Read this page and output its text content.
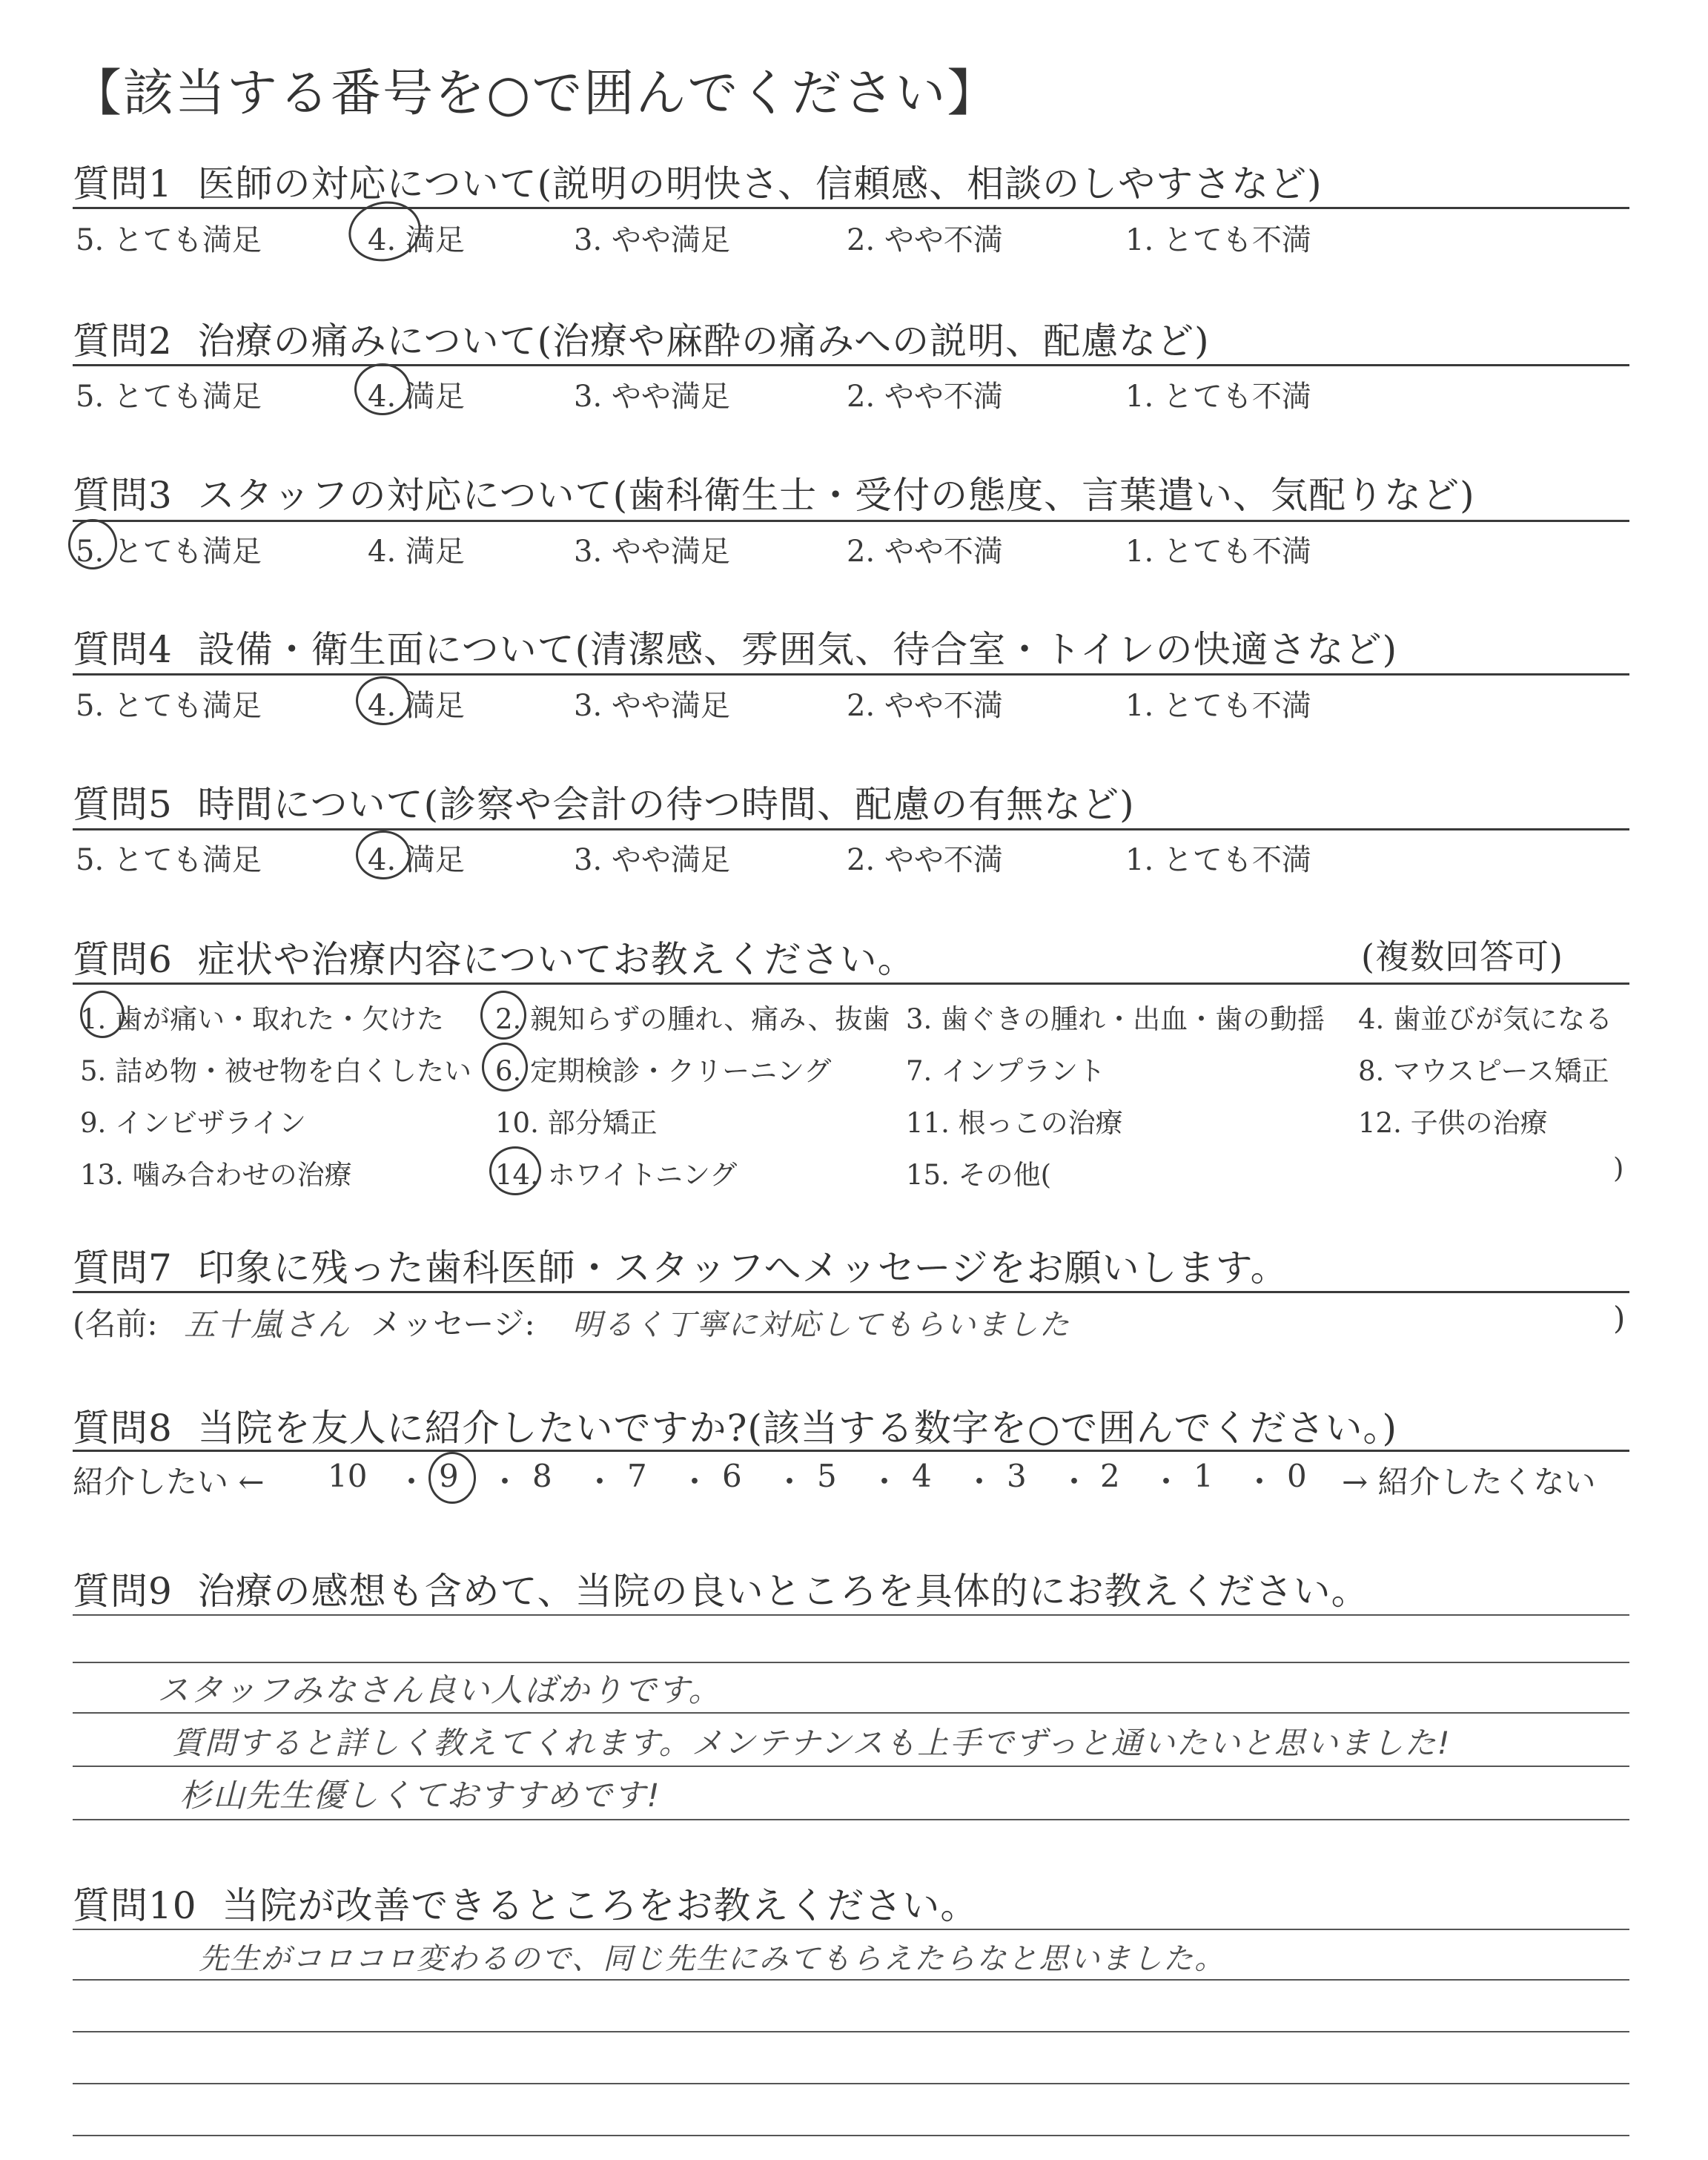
【該当する番号を○で囲んでください】
質問1 医師の対応について(説明の明快さ、信頼感、相談のしやすさなど)
5. とても満足	4. 満足	3. やや満足	2. やや不満	1. とても不満
質問2 治療の痛みについて(治療や麻酔の痛みへの説明、配慮など)
5. とても満足	4. 満足	3. やや満足	2. やや不満	1. とても不満
質問3 スタッフの対応について(歯科衛生士・受付の態度、言葉遣い、気配りなど)
5. とても満足	4. 満足	3. やや満足	2. やや不満	1. とても不満
質問4 設備・衛生面について(清潔感、雰囲気、待合室・トイレの快適さなど)
5. とても満足	4. 満足	3. やや満足	2. やや不満	1. とても不満
質問5 時間について(診察や会計の待つ時間、配慮の有無など)
5. とても満足	4. 満足	3. やや満足	2. やや不満	1. とても不満
質問6 症状や治療内容についてお教えください。	(複数回答可)
1. 歯が痛い・取れた・欠けた 2. 親知らずの腫れ、痛み、抜歯 3. 歯ぐきの腫れ・出血・歯の動揺 4. 歯並びが気になる
5. 詰め物・被せ物を白くしたい 6. 定期検診・クリーニング	7. インプラント	8. マウスピース矯正
9. インビザライン	10. 部分矯正	11. 根っこの治療	12. 子供の治療
13. 噛み合わせの治療	14. ホワイトニング	15. その他(	)
質問7 印象に残った歯科医師・スタッフへメッセージをお願いします。
(名前: 五十嵐さん メッセージ: 明るく丁寧に対応してもらいました	)
質問8 当院を友人に紹介したいですか?(該当する数字を○で囲んでください。)
紹介したい ← 10 ・ 9 ・ 8 ・ 7 ・ 6 ・ 5 ・ 4 ・ 3 ・ 2 ・ 1 ・ 0 → 紹介したくない
質問9 治療の感想も含めて、当院の良いところを具体的にお教えください。
スタッフみなさん良い人ばかりです。
質問すると詳しく教えてくれます。メンテナンスも上手でずっと通いたいと思いました!
杉山先生優しくておすすめです!
質問10 当院が改善できるところをお教えください。
先生がコロコロ変わるので、同じ先生にみてもらえたらなと思いました。
